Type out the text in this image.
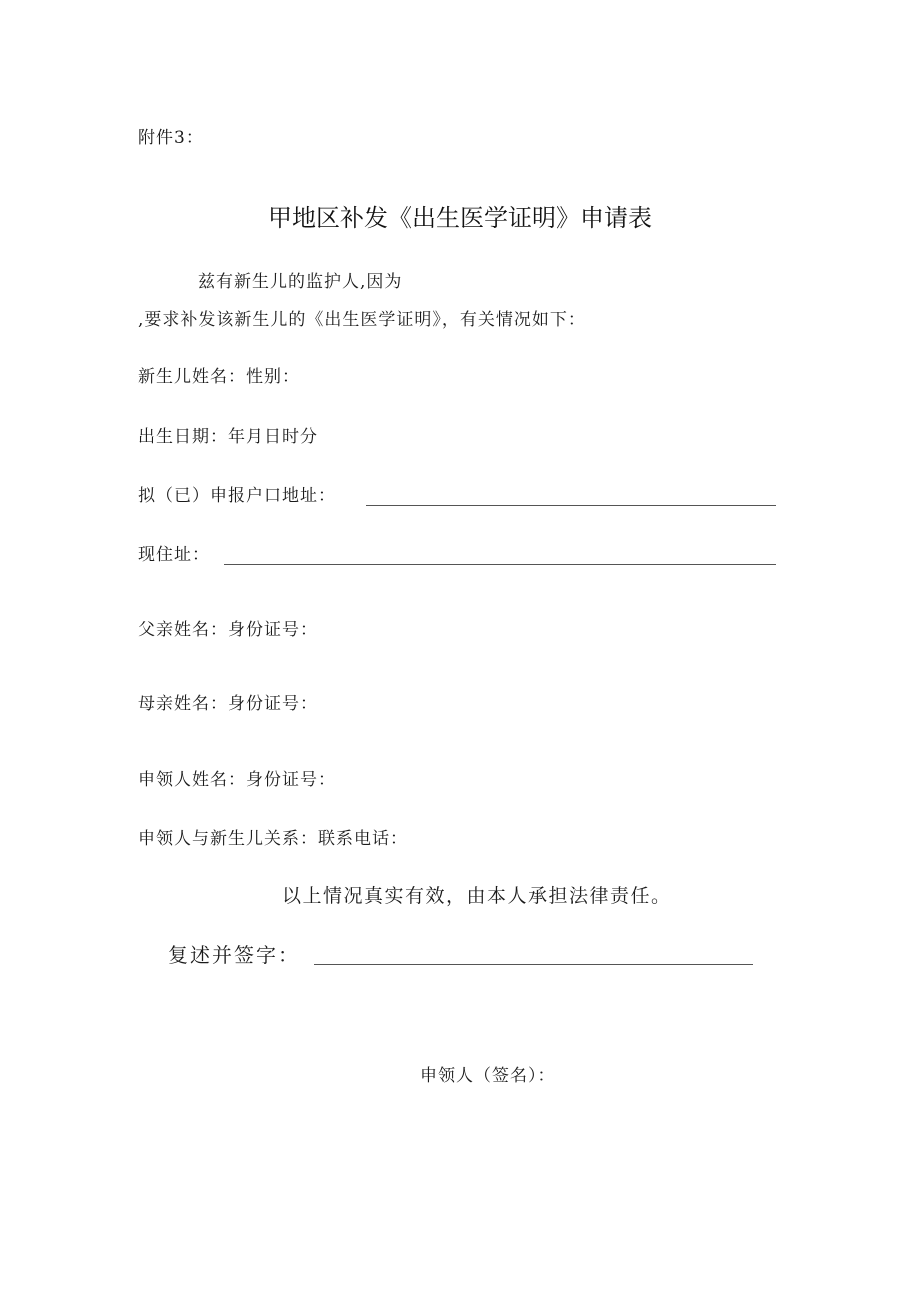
附件3：
甲地区补发《出生医学证明》申请表
兹有新生儿的监护人,因为
,要求补发该新生儿的《出生医学证明》，有关情况如下：
新生儿姓名：性别：
出生日期：年月日时分
拟（已）申报户口地址：
现住址：
父亲姓名：身份证号：
母亲姓名：身份证号：
申领人姓名：身份证号：
申领人与新生儿关系：联系电话：
以上情况真实有效，由本人承担法律责任。
复述并签字：
申领人（签名）：
